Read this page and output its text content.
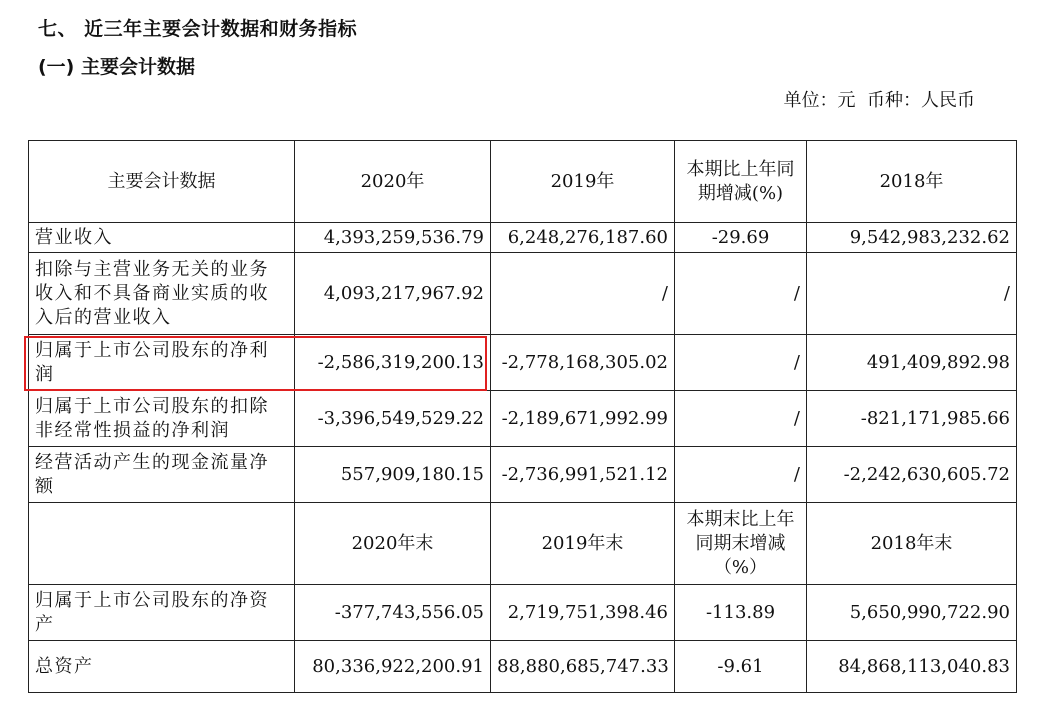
七、 近三年主要会计数据和财务指标
(一) 主要会计数据
单位：元  币种：人民币
主要会计数据	2020年	2019年	本期比上年同期增减(%)	2018年
营业收入	4,393,259,536.79	6,248,276,187.60	-29.69	9,542,983,232.62
扣除与主营业务无关的业务收入和不具备商业实质的收入后的营业收入	4,093,217,967.92	/	/	/
归属于上市公司股东的净利润	-2,586,319,200.13	-2,778,168,305.02	/	491,409,892.98
归属于上市公司股东的扣除非经常性损益的净利润	-3,396,549,529.22	-2,189,671,992.99	/	-821,171,985.66
经营活动产生的现金流量净额	557,909,180.15	-2,736,991,521.12	/	-2,242,630,605.72
	2020年末	2019年末	本期末比上年同期末增减（%）	2018年末
归属于上市公司股东的净资产	-377,743,556.05	2,719,751,398.46	-113.89	5,650,990,722.90
总资产	80,336,922,200.91	88,880,685,747.33	-9.61	84,868,113,040.83
